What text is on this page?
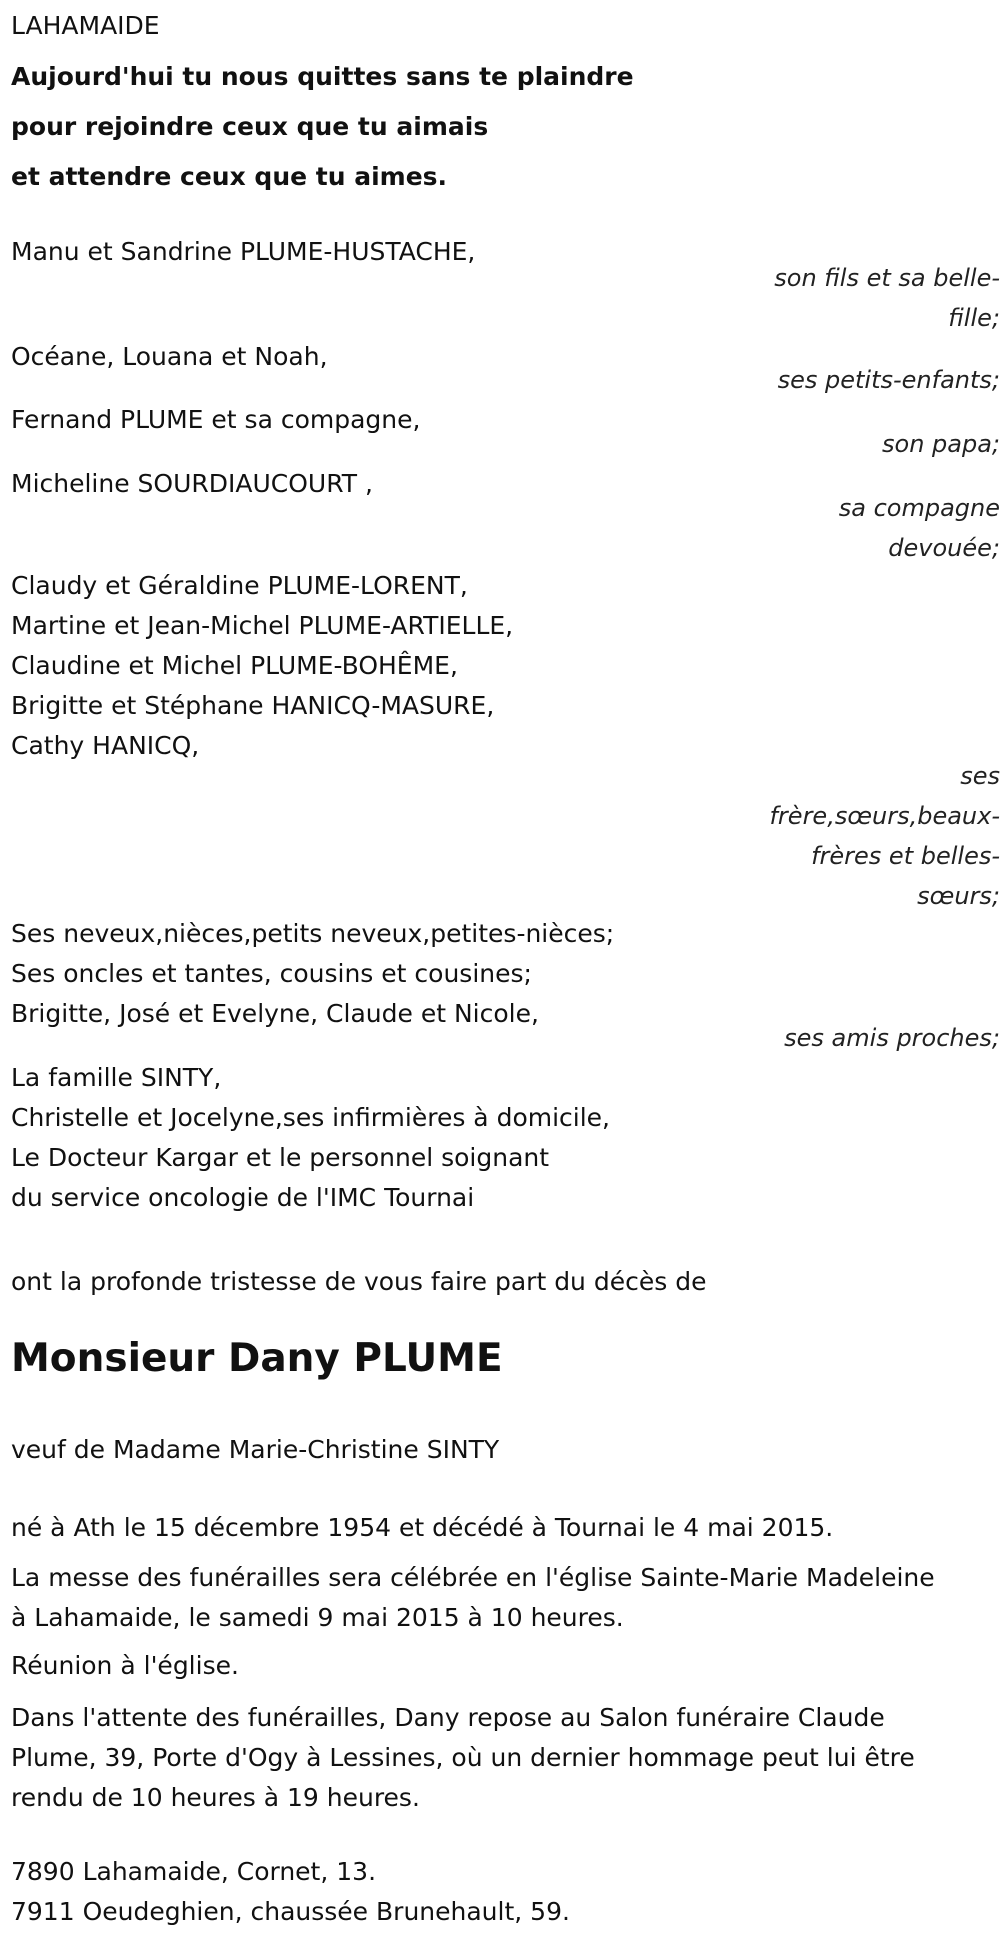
LAHAMAIDE

Aujourd'hui tu nous quittes sans te plaindre
pour rejoindre ceux que tu aimais
et attendre ceux que tu aimes.
Manu et Sandrine PLUME-HUSTACHE,
son fils et sa belle-
fille;
Océane, Louana et Noah,
ses petits-enfants;
Fernand PLUME et sa compagne,
son papa;
Micheline SOURDIAUCOURT ,
sa compagne
devouée;
Claudy et Géraldine PLUME-LORENT,
Martine et Jean-Michel PLUME-ARTIELLE,
Claudine et Michel PLUME-BOHÊME,
Brigitte et Stéphane HANICQ-MASURE,
Cathy HANICQ,
ses
frère,sœurs,beaux-
frères et belles-
sœurs;
Ses neveux,nièces,petits neveux,petites-nièces;
Ses oncles et tantes, cousins et cousines;
Brigitte, José et Evelyne, Claude et Nicole,
ses amis proches;
La famille SINTY,
Christelle et Jocelyne,ses infirmières à domicile,
Le Docteur Kargar et le personnel soignant
du service oncologie de l'IMC Tournai

ont la profonde tristesse de vous faire part du décès de

Monsieur Dany PLUME

veuf de Madame Marie-Christine SINTY

né à Ath le 15 décembre 1954 et décédé à Tournai le 4 mai 2015.

La messe des funérailles sera célébrée en l'église Sainte-Marie Madeleine
à Lahamaide, le samedi 9 mai 2015 à 10 heures.

Réunion à l'église.

Dans l'attente des funérailles, Dany repose au Salon funéraire Claude
Plume, 39, Porte d'Ogy à Lessines, où un dernier hommage peut lui être
rendu de 10 heures à 19 heures.
7890 Lahamaide, Cornet, 13.
7911 Oeudeghien, chaussée Brunehault, 59.
